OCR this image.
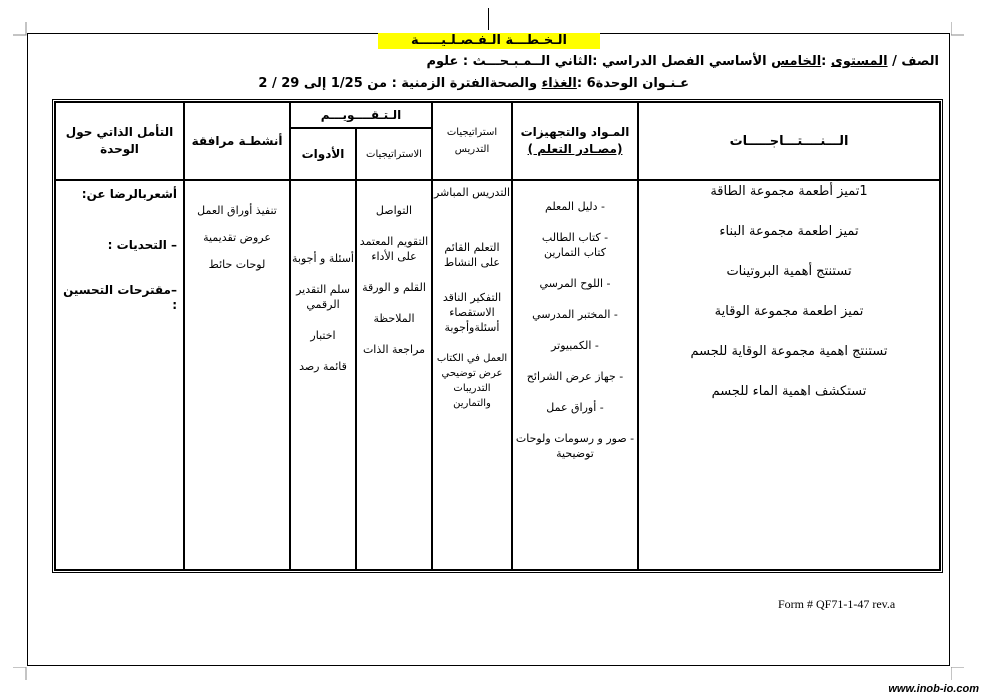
الـخـطـــة الـفـصـلـيـــــة
الصف / المستوى :الخامس الأساسي الفصل الدراسي :الثاني الــمـبـحـــث : علوم
عـنـوان الوحدة6 :الغذاء والصحةالفترة الزمنية : من 1/25 إلى 29 / 2
الـــنــــتـــاجـــــات
المـواد والتجهيزات
(مصـادر التعلم )
استراتيجيات التدريس
الـتـقــــويـــم
الاستراتيجيات
الأدوات
أنشطـة مرافقة
التأمل الذاتي حول الوحدة
1تميز أطعمة مجموعة الطاقة
تميز اطعمة مجموعة البناء
تستنتج أهمية البروتينات
تميز اطعمة مجموعة الوقاية
تستنتج اهمية مجموعة الوقاية للجسم
تستكشف اهمية الماء للجسم
- دليل المعلم
- كتاب الطالب
كتاب التمارين
- اللوح المرسي
- المختبر المدرسي
- الكمبيوتر
- جهاز عرض الشرائح
- أوراق عمل
- صور و رسومات ولوحات توضيحية
التدريس المباشر
التعلم القائم على النشاط
التفكير الناقد الاستقصاء أسئلةوأجوبة
العمل في الكتاب عرض توضيحي التدريبات والتمارين
التواصل
التقويم المعتمد على الأداء
القلم و الورقة
الملاحظة
مراجعة الذات
أسئلة و أجوبة
سلم التقدير الرقمي
اختبار
قائمة رصد
تنفيذ أوراق العمل
عروض تقديمية
لوحات حائط
أشعربالرضا عن:
– التحديات :
–مقترحات التحسين :
Form # QF71-1-47 rev.a
www.inob-io.com
